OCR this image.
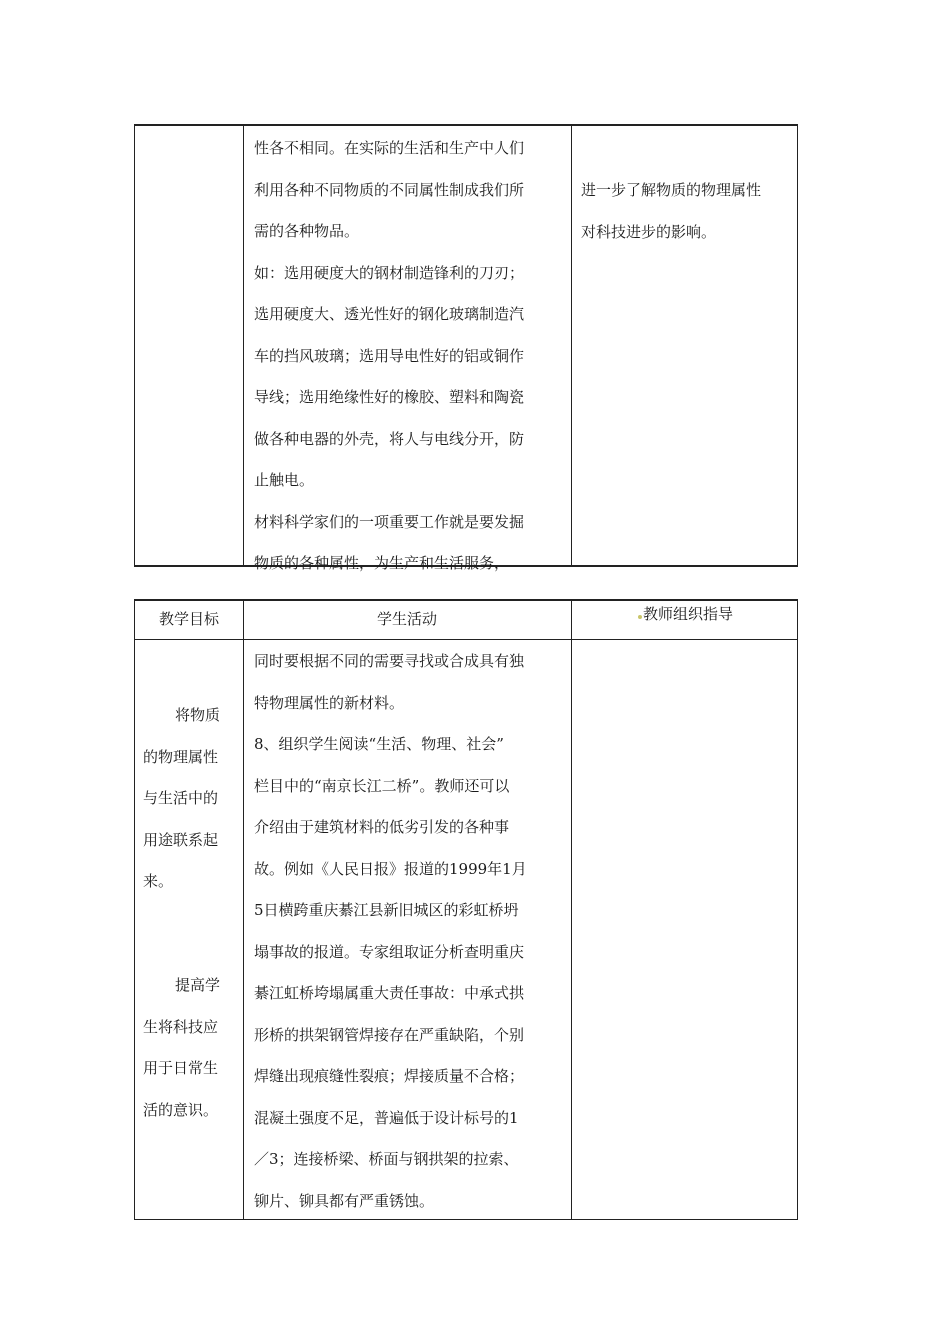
性各不相同。在实际的生活和生产中人们
利用各种不同物质的不同属性制成我们所
需的各种物品。
如：选用硬度大的钢材制造锋利的刀刃；
选用硬度大、透光性好的钢化玻璃制造汽
车的挡风玻璃；选用导电性好的铝或铜作
导线；选用绝缘性好的橡胶、塑料和陶瓷
做各种电器的外壳，将人与电线分开，防
止触电。
材料科学家们的一项重要工作就是要发掘
物质的各种属性，为生产和生活服务，
进一步了解物质的物理属性
对科技进步的影响。
教学目标	学生活动	教师组织指导
将物质
的物理属性
与生活中的
用途联系起
来。
提高学
生将科技应
用于日常生
活的意识。
同时要根据不同的需要寻找或合成具有独
特物理属性的新材料。
8、组织学生阅读“生活、物理、社会”
栏目中的“南京长江二桥”。教师还可以
介绍由于建筑材料的低劣引发的各种事
故。例如《人民日报》报道的1999年1月
5日横跨重庆綦江县新旧城区的彩虹桥坍
塌事故的报道。专家组取证分析查明重庆
綦江虹桥垮塌属重大责任事故：中承式拱
形桥的拱架钢管焊接存在严重缺陷，个别
焊缝出现痕缝性裂痕；焊接质量不合格；
混凝土强度不足，普遍低于设计标号的1
／3；连接桥梁、桥面与钢拱架的拉索、
铆片、铆具都有严重锈蚀。
